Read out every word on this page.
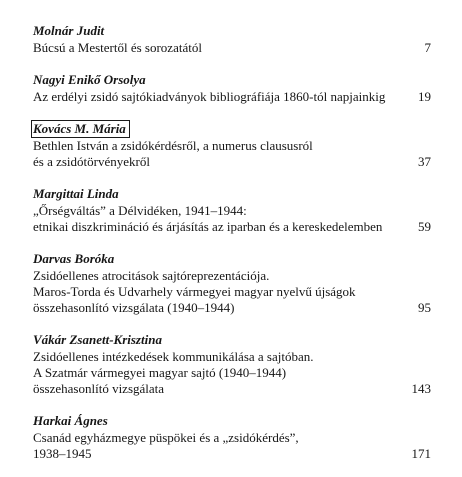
Molnár Judit
Búcsú a Mestertől és sorozatától	7
Nagyi Enikő Orsolya
Az erdélyi zsidó sajtókiadványok bibliográfiája 1860-tól napjainkig	19
Kovács M. Mária
Bethlen István a zsidókérdésről, a numerus claususról
és a zsidótörvényekről	37
Margittai Linda
„Őrségváltás” a Délvidéken, 1941–1944:
etnikai diszkrimináció és árjásítás az iparban és a kereskedelemben	59
Darvas Boróka
Zsidóellenes atrocitások sajtóreprezentációja.
Maros-Torda és Udvarhely vármegyei magyar nyelvű újságok
összehasonlító vizsgálata (1940–1944)	95
Vákár Zsanett-Krisztina
Zsidóellenes intézkedések kommunikálása a sajtóban.
A Szatmár vármegyei magyar sajtó (1940–1944)
összehasonlító vizsgálata	143
Harkai Ágnes
Csanád egyházmegye püspökei és a „zsidókérdés”,
1938–1945	171
